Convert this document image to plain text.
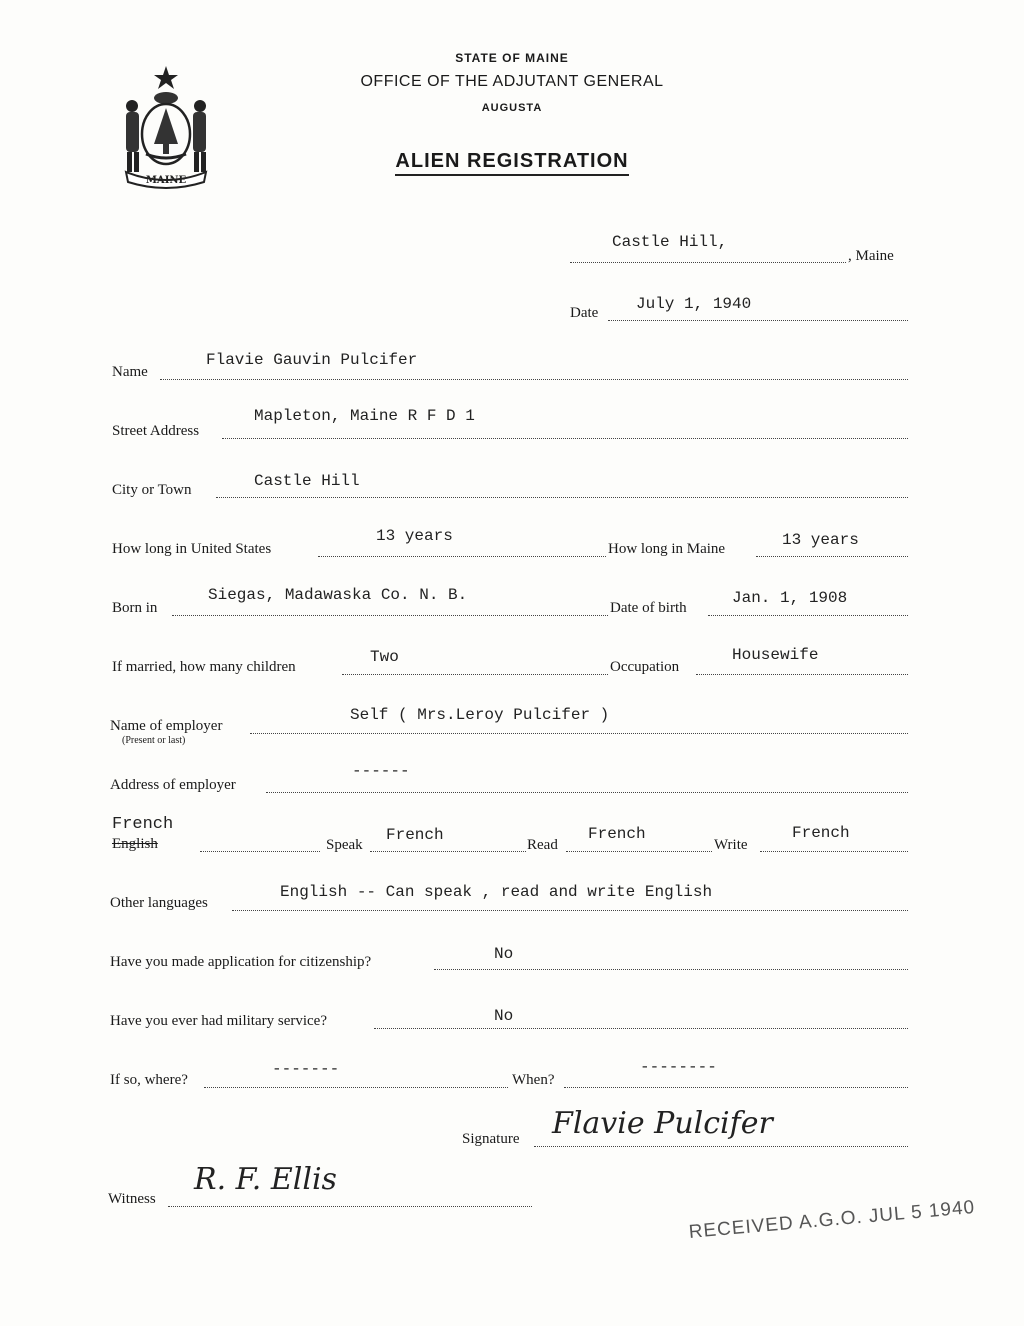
MAINE
STATE OF MAINE
OFFICE OF THE ADJUTANT GENERAL
AUGUSTA
ALIEN REGISTRATION
Castle Hill,
, Maine
Date July 1, 1940
Name
Flavie Gauvin Pulcifer
Street Address
Mapleton, Maine R F D 1
City or Town	Castle Hill
How long in United States
13 years
How long in Maine	13 years
Born in
Siegas, Madawaska Co. N. B.
Date of birth
Jan. 1, 1908
If married, how many children
Two
Occupation
Housewife
Name of employer
(Present or last)
Self ( Mrs.Leroy Pulcifer )
Address of employer
------
French
English	Speak
French
Read
French
Write
French
Other languages
English -- Can speak , read and write English
Have you made application for citizenship?	No
Have you ever had military service?	No
If so, where?
-------
When?
--------
Signature Flavie Pulcifer
Witness
R. F. Ellis
RECEIVED A.G.O. JUL 5 1940
